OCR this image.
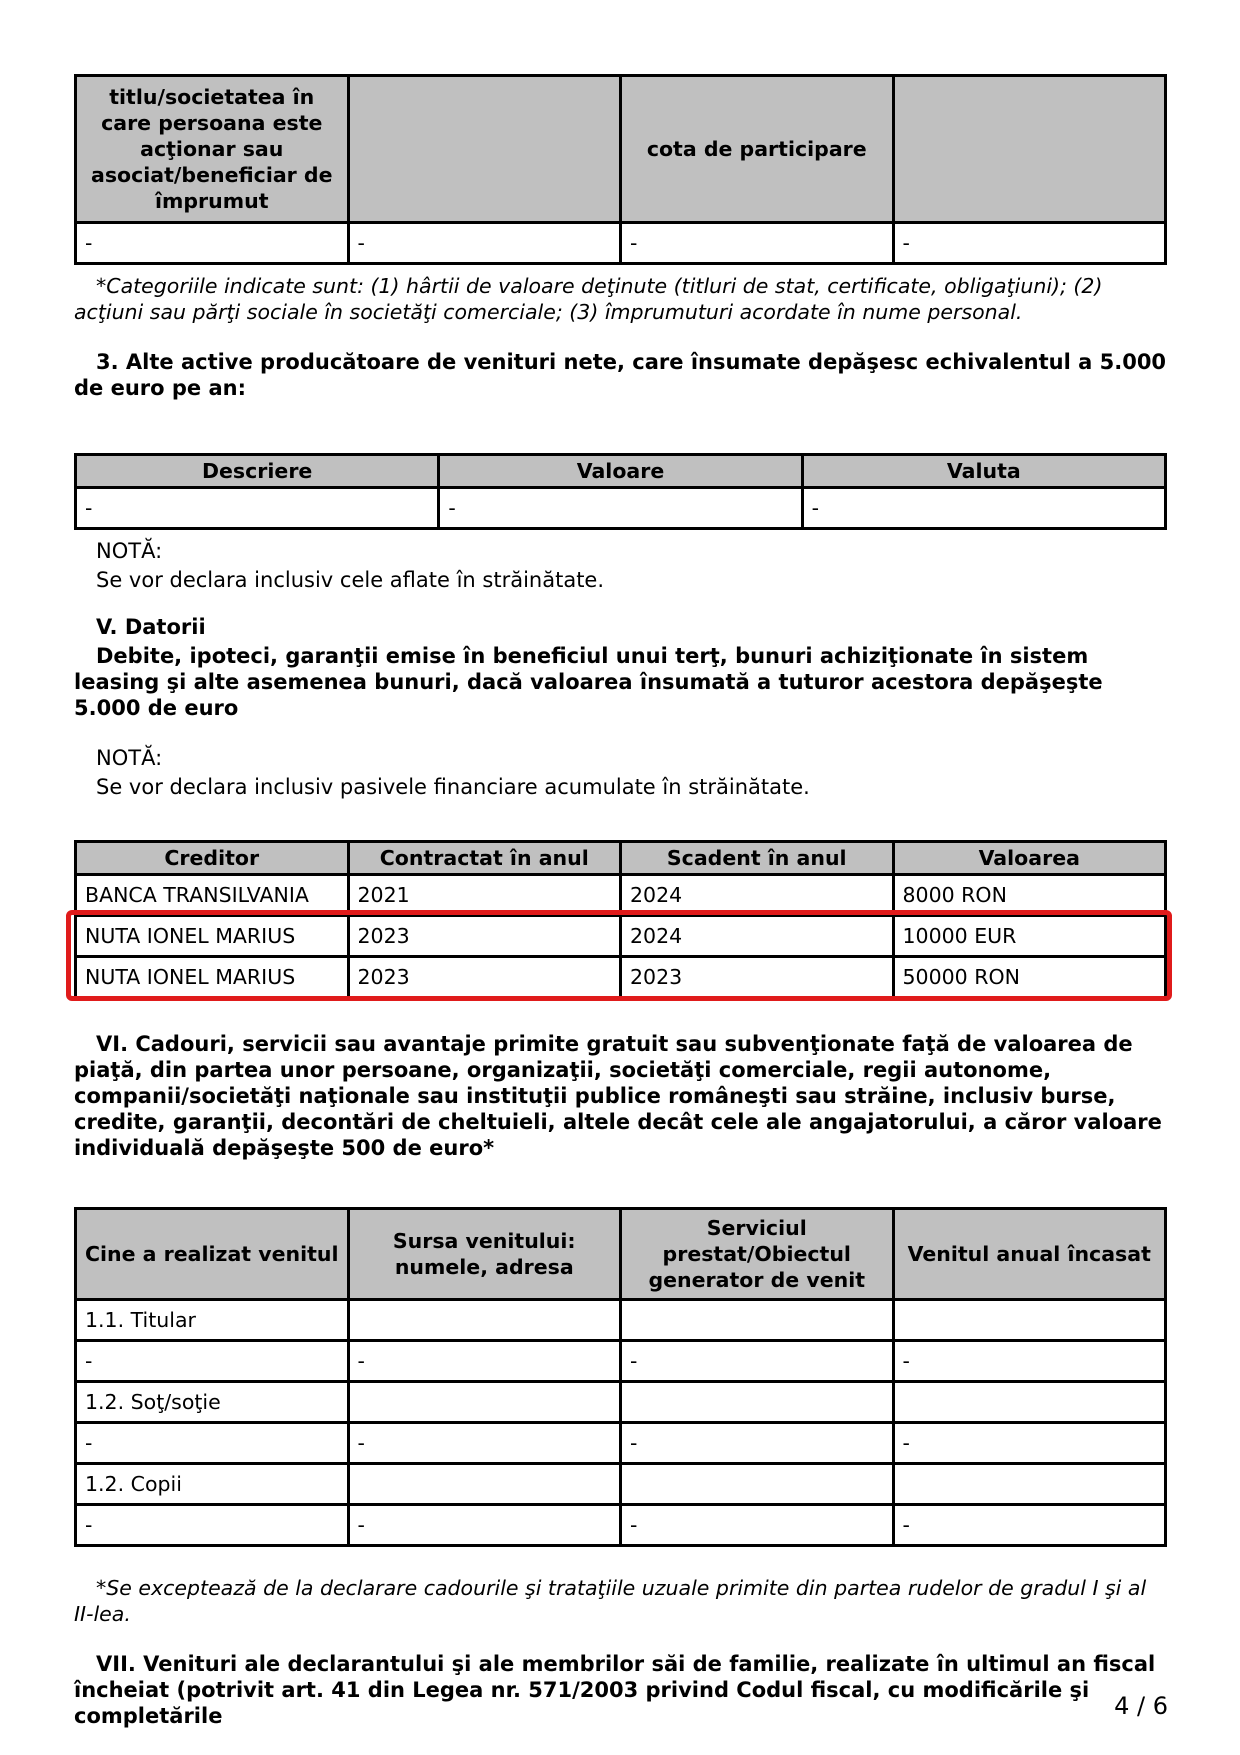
titlu/societatea în care persoana este acţionar sau asociat/beneficiar de împrumut		cota de participare	
-	-	-	-

*Categoriile indicate sunt: (1) hârtii de valoare deţinute (titluri de stat, certificate, obligaţiuni); (2) acţiuni sau părţi sociale în societăţi comerciale; (3) împrumuturi acordate în nume personal.

3. Alte active producătoare de venituri nete, care însumate depăşesc echivalentul a 5.000 de euro pe an:

Descriere	Valoare	Valuta
-	-	-

NOTĂ:

Se vor declara inclusiv cele aflate în străinătate.

V. Datorii

Debite, ipoteci, garanţii emise în beneficiul unui terţ, bunuri achiziţionate în sistem leasing şi alte asemenea bunuri, dacă valoarea însumată a tuturor acestora depăşeşte 5.000 de euro

NOTĂ:

Se vor declara inclusiv pasivele financiare acumulate în străinătate.

Creditor	Contractat în anul	Scadent în anul	Valoarea
BANCA TRANSILVANIA	2021	2024	8000 RON
NUTA IONEL MARIUS	2023	2024	10000 EUR
NUTA IONEL MARIUS	2023	2023	50000 RON

VI. Cadouri, servicii sau avantaje primite gratuit sau subvenţionate faţă de valoarea de piaţă, din partea unor persoane, organizaţii, societăţi comerciale, regii autonome, companii/societăţi naţionale sau instituţii publice româneşti sau străine, inclusiv burse, credite, garanţii, decontări de cheltuieli, altele decât cele ale angajatorului, a căror valoare individuală depăşeşte 500 de euro*

Cine a realizat venitul	Sursa venitului: numele, adresa	Serviciul prestat/Obiectul generator de venit	Venitul anual încasat
1.1. Titular			
-	-	-	-
1.2. Soţ/soţie			
-	-	-	-
1.2. Copii			
-	-	-	-

*Se exceptează de la declarare cadourile şi trataţiile uzuale primite din partea rudelor de gradul I şi al II-lea.

VII. Venituri ale declarantului şi ale membrilor săi de familie, realizate în ultimul an fiscal încheiat (potrivit art. 41 din Legea nr. 571/2003 privind Codul fiscal, cu modificările şi completările	4 / 6
